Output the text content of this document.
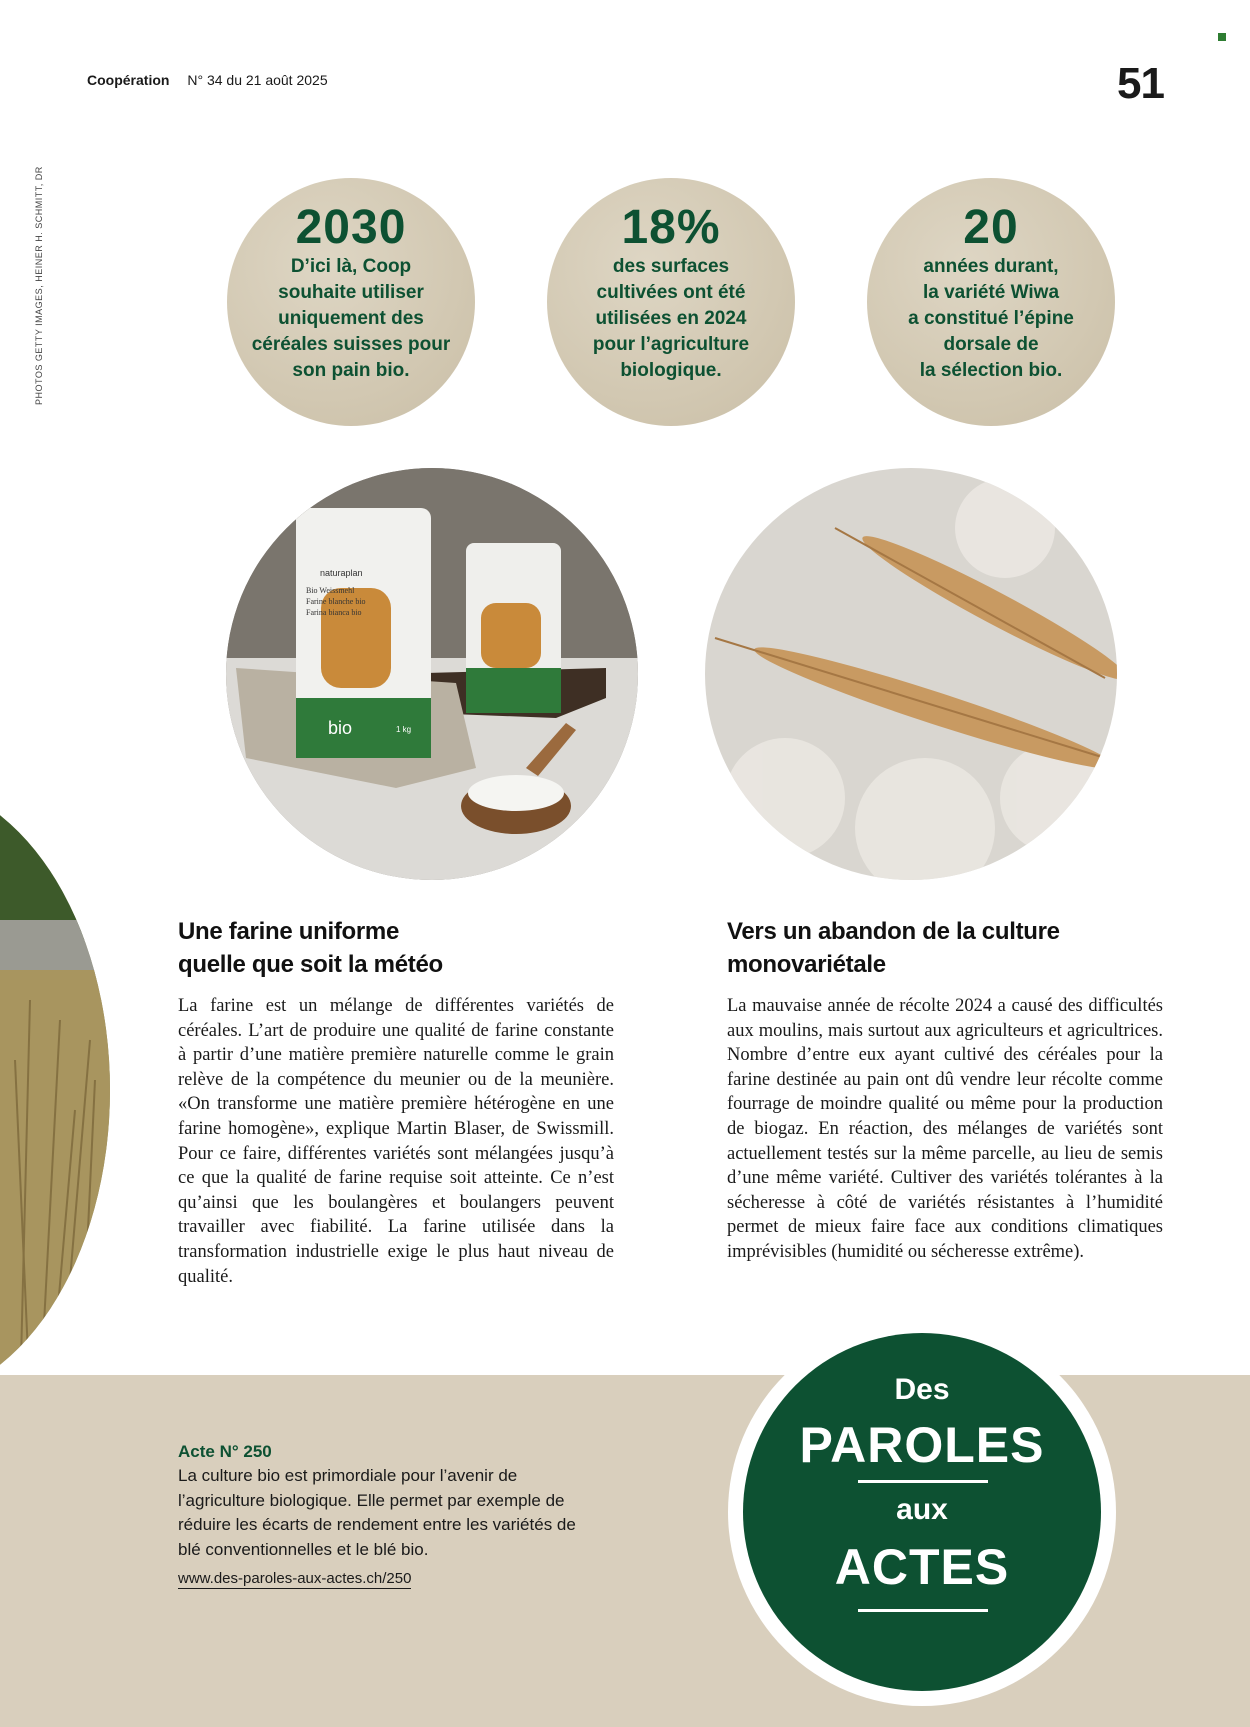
Coopération N° 34 du 21 août 2025	51
PHOTOS GETTY IMAGES, HEINER H. SCHMITT, DR	2030
D’ici là, Coop
souhaite utiliser
uniquement des
céréales suisses pour
son pain bio.
18%
des surfaces
cultivées ont été
utilisées en 2024
pour l’agriculture
biologique.
20
années durant,
la variété Wiwa
a constitué l’épine
dorsale de
la sélection bio.
naturaplan
Bio Weissmehl
Farine blanche bio
Farina bianca bio
bio	1 kg
Une farine uniforme
quelle que soit la météo

La farine est un mélange de différentes variétés de céréales. L’art de produire une qualité de farine constante à partir d’une matière première naturelle comme le grain relève de la compétence du meunier ou de la meunière. «On transforme une matière première hétérogène en une farine homogène», explique Martin Blaser, de Swissmill. Pour ce faire, différentes variétés sont mélangées jusqu’à ce que la qualité de farine requise soit atteinte. Ce n’est qu’ainsi que les boulangères et boulangers peuvent travailler avec fiabilité. La farine utilisée dans la transformation industrielle exige le plus haut niveau de qualité.

Vers un abandon de la culture
monovariétale

La mauvaise année de récolte 2024 a causé des difficultés aux moulins, mais surtout aux agriculteurs et agricultrices. Nombre d’entre eux ayant cultivé des céréales pour la farine destinée au pain ont dû vendre leur récolte comme fourrage de moindre qualité ou même pour la production de biogaz. En réaction, des mélanges de variétés sont actuellement testés sur la même parcelle, au lieu de semis d’une même variété. Cultiver des variétés tolérantes à la sécheresse à côté de variétés résistantes à l’humidité permet de mieux faire face aux conditions climatiques imprévisibles (humidité ou sécheresse extrême).

Acte N° 250
La culture bio est primordiale pour l’avenir de l’agriculture biologique. Elle permet par exemple de réduire les écarts de rendement entre les variétés de blé conventionnelles et le blé bio.
www.des-paroles-aux-actes.ch/250
Des
PAROLES
aux
ACTES
